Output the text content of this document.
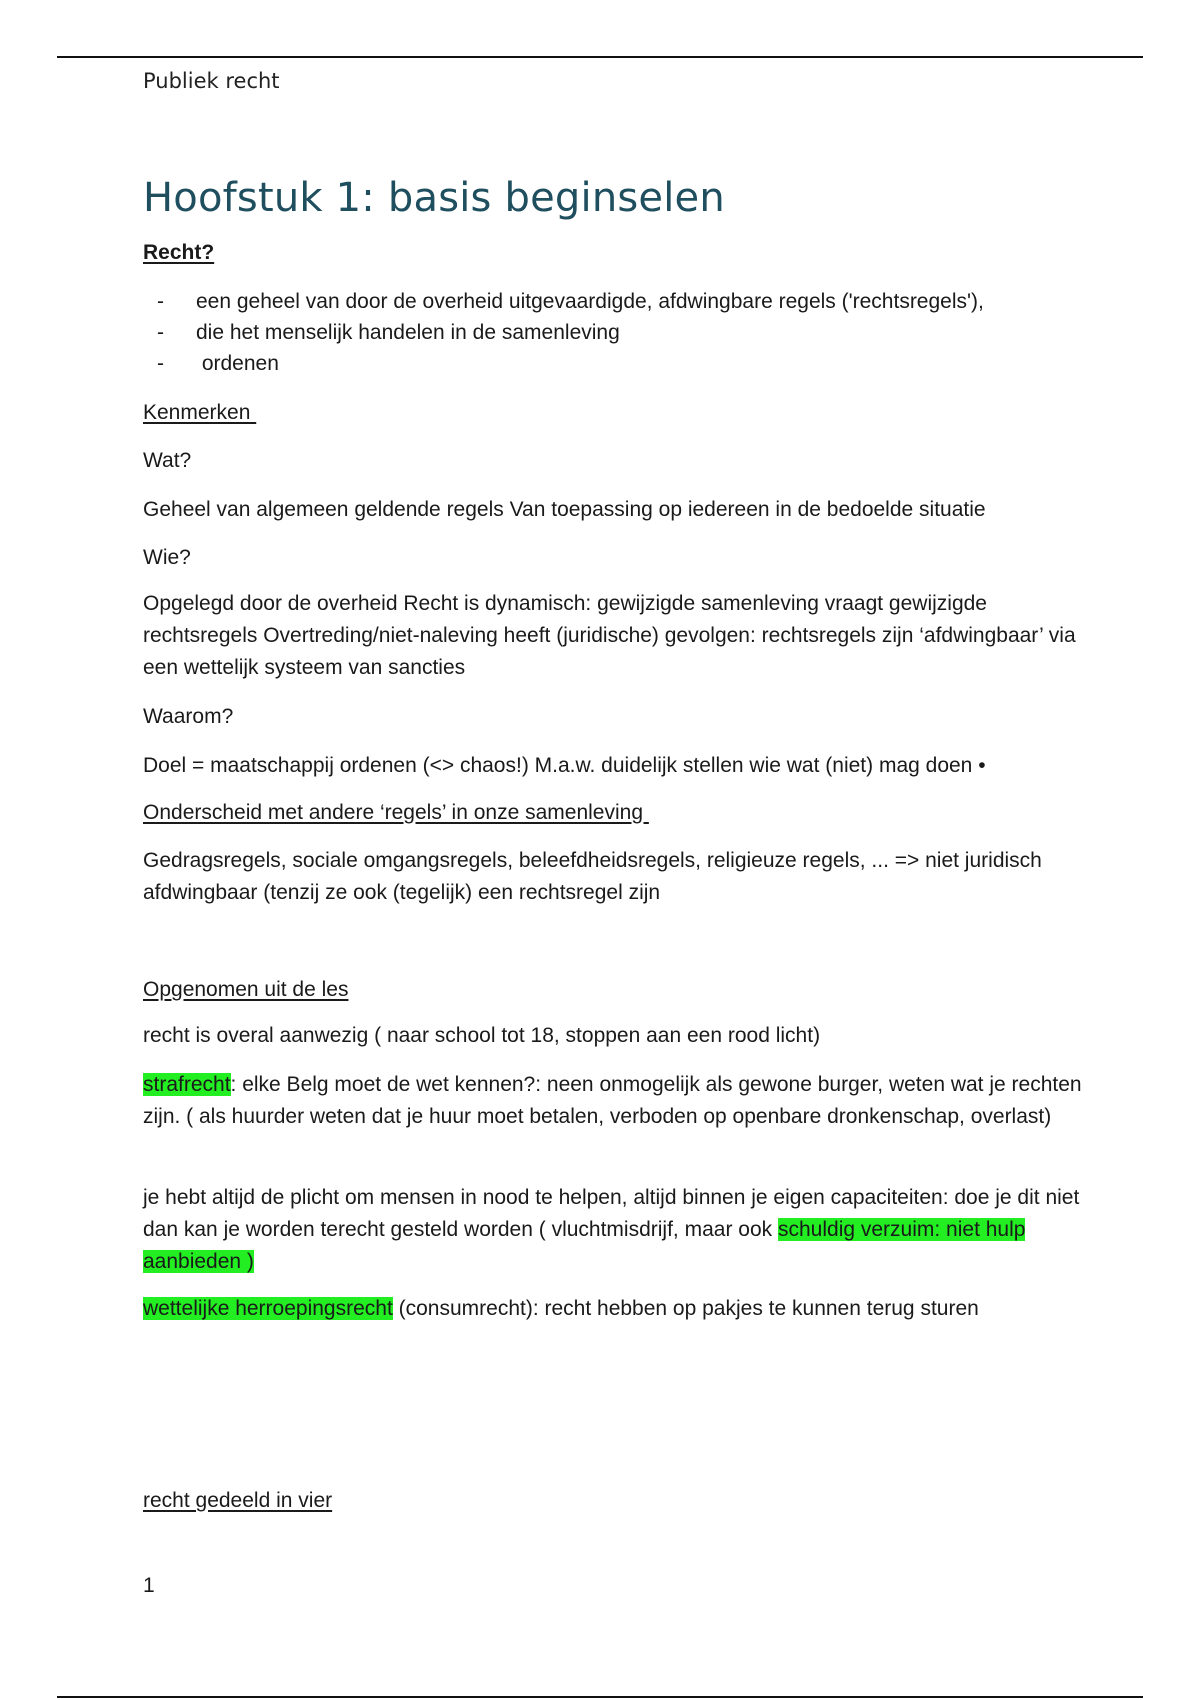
Publiek recht
Hoofstuk 1: basis beginselen

Recht?

- een geheel van door de overheid uitgevaardigde, afdwingbare regels ('rechtsregels'),
- die het menselijk handelen in de samenleving
- ordenen

Kenmerken

Wat?

Geheel van algemeen geldende regels Van toepassing op iedereen in de bedoelde situatie

Wie?

Opgelegd door de overheid Recht is dynamisch: gewijzigde samenleving vraagt gewijzigde rechtsregels Overtreding/niet-naleving heeft (juridische) gevolgen: rechtsregels zijn ‘afdwingbaar’ via een wettelijk systeem van sancties

Waarom?

Doel = maatschappij ordenen (<> chaos!) M.a.w. duidelijk stellen wie wat (niet) mag doen •

Onderscheid met andere ‘regels’ in onze samenleving

Gedragsregels, sociale omgangsregels, beleefdheidsregels, religieuze regels, ... => niet juridisch afdwingbaar (tenzij ze ook (tegelijk) een rechtsregel zijn

Opgenomen uit de les

recht is overal aanwezig ( naar school tot 18, stoppen aan een rood licht)

strafrecht: elke Belg moet de wet kennen?: neen onmogelijk als gewone burger, weten wat je rechten zijn. ( als huurder weten dat je huur moet betalen, verboden op openbare dronkenschap, overlast)

je hebt altijd de plicht om mensen in nood te helpen, altijd binnen je eigen capaciteiten: doe je dit niet dan kan je worden terecht gesteld worden ( vluchtmisdrijf, maar ook schuldig verzuim: niet hulp aanbieden )

wettelijke herroepingsrecht (consumrecht): recht hebben op pakjes te kunnen terug sturen

recht gedeeld in vier

1
